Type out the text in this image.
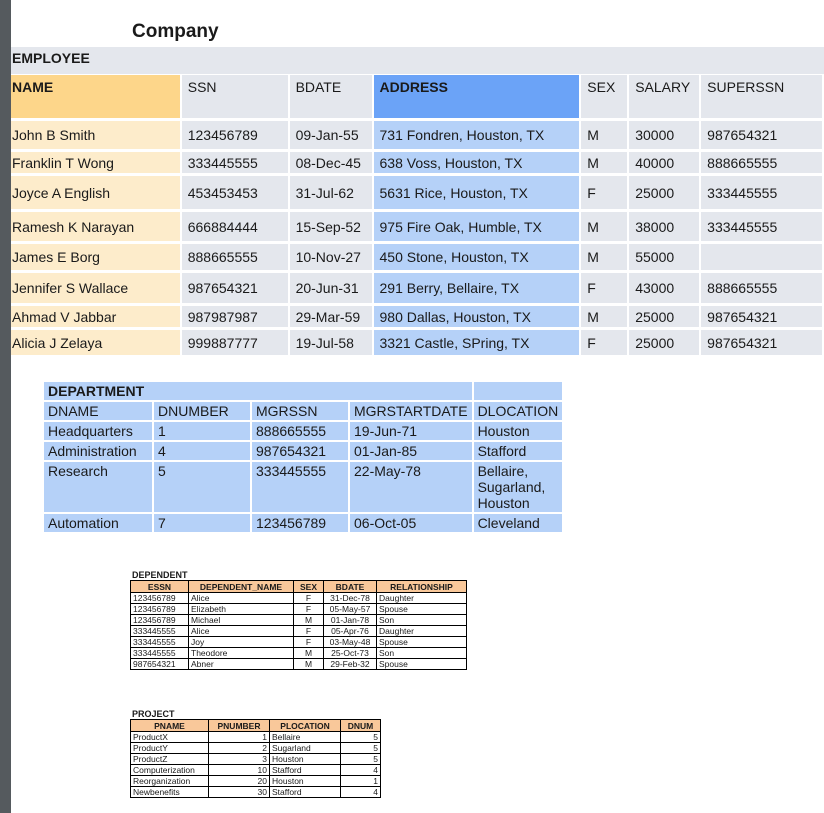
Company
EMPLOYEE
NAME	SSN	BDATE	ADDRESS	SEX	SALARY	SUPERSSN
John B Smith	123456789	09-Jan-55	731 Fondren, Houston, TX	M	30000	987654321
Franklin T Wong	333445555	08-Dec-45	638 Voss, Houston, TX	M	40000	888665555
Joyce A English	453453453	31-Jul-62	5631 Rice, Houston, TX	F	25000	333445555
Ramesh K Narayan	666884444	15-Sep-52	975 Fire Oak, Humble, TX	M	38000	333445555
James E Borg	888665555	10-Nov-27	450 Stone, Houston, TX	M	55000	
Jennifer S Wallace	987654321	20-Jun-31	291 Berry, Bellaire, TX	F	43000	888665555
Ahmad V Jabbar	987987987	29-Mar-59	980 Dallas, Houston, TX	M	25000	987654321
Alicia J Zelaya	999887777	19-Jul-58	3321 Castle, SPring, TX	F	25000	987654321
DEPARTMENT				
DNAME	DNUMBER	MGRSSN	MGRSTARTDATE	DLOCATION
Headquarters	1	888665555	19-Jun-71	Houston
Administration	4	987654321	01-Jan-85	Stafford
Research	5	333445555	22-May-78	Bellaire,
Sugarland,
Houston
Automation	7	123456789	06-Oct-05	Cleveland
DEPENDENT
ESSN	DEPENDENT_NAME	SEX	BDATE	RELATIONSHIP
123456789	Alice	F	31-Dec-78	Daughter
123456789	Elizabeth	F	05-May-57	Spouse
123456789	Michael	M	01-Jan-78	Son
333445555	Alice	F	05-Apr-76	Daughter
333445555	Joy	F	03-May-48	Spouse
333445555	Theodore	M	25-Oct-73	Son
987654321	Abner	M	29-Feb-32	Spouse
PROJECT
PNAME	PNUMBER	PLOCATION	DNUM
ProductX	1	Bellaire	5
ProductY	2	Sugarland	5
ProductZ	3	Houston	5
Computerization	10	Stafford	4
Reorganization	20	Houston	1
Newbenefits	30	Stafford	4
